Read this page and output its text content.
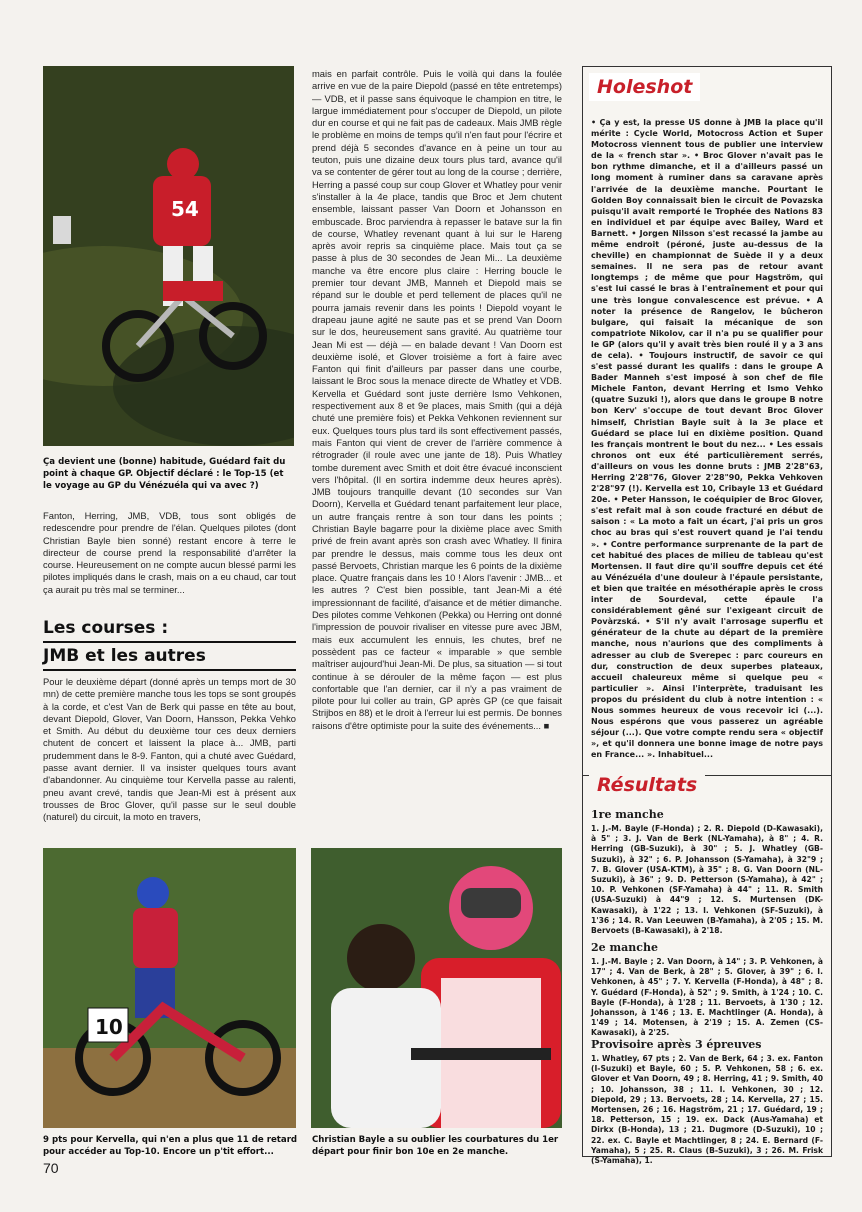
54
Ça devient une (bonne) habitude, Guédard fait du point à chaque GP. Objectif déclaré : le Top-15 (et le voyage au GP du Vénézuéla qui va avec ?)
Fanton, Herring, JMB, VDB, tous sont obligés de redescendre pour prendre de l'élan. Quelques pilotes (dont Christian Bayle bien sonné) restant encore à terre le directeur de course prend la responsabilité d'arrêter la course. Heureusement on ne compte aucun blessé parmi les pilotes impliqués dans le crash, mais on a eu chaud, car tout ça aurait pu très mal se terminer...
Les courses :
JMB et les autres
Pour le deuxième départ (donné après un temps mort de 30 mn) de cette première manche tous les tops se sont groupés à la corde, et c'est Van de Berk qui passe en tête au bout, devant Diepold, Glover, Van Doorn, Hansson, Pekka Vehko et Smith. Au début du deuxième tour ces deux derniers chutent de concert et laissent la place à... JMB, parti prudemment dans le 8-9. Fanton, qui a chuté avec Guédard, passe avant dernier. Il va insister quelques tours avant d'abandonner. Au cinquième tour Kervella passe au ralenti, pneu avant crevé, tandis que Jean-Mi est à présent aux trousses de Broc Glover, qu'il passe sur le seul double (naturel) du circuit, la moto en travers,
mais en parfait contrôle. Puis le voilà qui dans la foulée arrive en vue de la paire Diepold (passé en tête entretemps) — VDB, et il passe sans équivoque le champion en titre, le largue immédiatement pour s'occuper de Diepold, un pilote dur en course et qui ne fait pas de cadeaux. Mais JMB règle le problème en moins de temps qu'il n'en faut pour l'écrire et prend déjà 5 secondes d'avance en à peine un tour au teuton, puis une dizaine deux tours plus tard, avance qu'il va se contenter de gérer tout au long de la course ; derrière, Herring a passé coup sur coup Glover et Whatley pour venir s'installer à la 4e place, tandis que Broc et Jem chutent ensemble, laissant passer Van Doorn et Johansson en embuscade. Broc parviendra à repasser le batave sur la fin de course, Whatley revenant quant à lui sur le Hareng après avoir repris sa cinquième place. Mais tout ça se passe à plus de 30 secondes de Jean Mi... La deuxième manche va être encore plus claire : Herring boucle le premier tour devant JMB, Manneh et Diepold mais se répand sur le double et perd tellement de places qu'il ne pourra jamais revenir dans les points ! Diepold voyant le drapeau jaune agité ne saute pas et se prend Van Doorn sur le dos, heureusement sans gravité. Au quatrième tour Jean Mi est — déjà — en balade devant ! Van Doorn est deuxième isolé, et Glover troisième a fort à faire avec Fanton qui finit d'ailleurs par passer dans une courbe, laissant le Broc sous la menace directe de Whatley et VDB. Kervella et Guédard sont juste derrière Ismo Vehkonen, respectivement aux 8 et 9e places, mais Smith (qui a déjà chuté une première fois) et Pekka Vehkonen reviennent sur eux. Quelques tours plus tard ils sont effectivement passés, mais Fanton qui vient de crever de l'arrière commence à rétrograder (il roule avec une jante de 18). Puis Whatley tombe durement avec Smith et doit être évacué inconscient vers l'hôpital. (Il en sortira indemme deux heures après). JMB toujours tranquille devant (10 secondes sur Van Doorn), Kervella et Guédard tenant parfaitement leur place, un autre français rentre à son tour dans les points ; Christian Bayle bagarre pour la dixième place avec Smith privé de frein avant après son crash avec Whatley. Il finira par prendre le dessus, mais comme tous les deux ont passé Bervoets, Christian marque les 6 points de la dixième place. Quatre français dans les 10 ! Alors l'avenir : JMB... et les autres ? C'est bien possible, tant Jean-Mi a été impressionnant de facilité, d'aisance et de métier dimanche. Des pilotes comme Vehkonen (Pekka) ou Herring ont donné l'impression de pouvoir rivaliser en vitesse pure avec JBM, mais eux accumulent les ennuis, les chutes, bref ne possèdent pas ce facteur « imparable » que semble maîtriser aujourd'hui Jean-Mi. De plus, sa situation — si tout continue à se dérouler de la même façon — est plus confortable que l'an dernier, car il n'y a pas vraiment de pilote pour lui coller au train, GP après GP (ce que faisait Strijbos en 88) et le droit à l'erreur lui est permis. De bonnes raisons d'être optimiste pour la suite des événements... ■
10
9 pts pour Kervella, qui n'en a plus que 11 de retard pour accéder au Top-10. Encore un p'tit effort...
Christian Bayle a su oublier les courbatures du 1er départ pour finir bon 10e en 2e manche.
Holeshot
• Ça y est, la presse US donne à JMB la place qu'il mérite : Cycle World, Motocross Action et Super Motocross viennent tous de publier une interview de la « french star ». • Broc Glover n'avait pas le bon rythme dimanche, et il a d'ailleurs passé un long moment à ruminer dans sa caravane après l'arrivée de la deuxième manche. Pourtant le Golden Boy connaissait bien le circuit de Povazska puisqu'il avait remporté le Trophée des Nations 83 en individuel et par équipe avec Bailey, Ward et Barnett. • Jorgen Nilsson s'est recassé la jambe au même endroit (péroné, juste au-dessus de la cheville) en championnat de Suède il y a deux semaines. Il ne sera pas de retour avant longtemps ; de même que pour Hagström, qui s'est lui cassé le bras à l'entraînement et pour qui une très longue convalescence est prévue. • A noter la présence de Rangelov, le bûcheron bulgare, qui faisait la mécanique de son compatriote Nikolov, car il n'a pu se qualifier pour le GP (alors qu'il y avait très bien roulé il y a 3 ans de cela). • Toujours instructif, de savoir ce qui s'est passé durant les qualifs : dans le groupe A Bader Manneh s'est imposé à son chef de file Michele Fanton, devant Herring et Ismo Vehko (quatre Suzuki !), alors que dans le groupe B notre bon Kerv' s'occupe de tout devant Broc Glover himself, Christian Bayle suit à la 3e place et Guédard se place lui en dixième position. Quand les français montrent le bout du nez... • Les essais chronos ont eux été particulièrement serrés, d'ailleurs on vous les donne bruts : JMB 2'28"63, Herring 2'28"76, Glover 2'28"90, Pekka Vehkoven 2'28"97 (!). Kervella est 10, Cribayle 13 et Guédard 20e. • Peter Hansson, le coéquipier de Broc Glover, s'est refait mal à son coude fracturé en début de saison : « La moto a fait un écart, j'ai pris un gros choc au bras qui s'est rouvert quand je l'ai tendu ». • Contre performance surprenante de la part de cet habitué des places de milieu de tableau qu'est Mortensen. Il faut dire qu'il souffre depuis cet été au Vénézuéla d'une douleur à l'épaule persistante, et bien que traitée en mésothérapie après le cross inter de Sourdeval, cette épaule l'a considérablement gêné sur l'exigeant circuit de Povàrzská. • S'il n'y avait l'arrosage superflu et générateur de la chute au départ de la première manche, nous n'aurions que des compliments à adresser au club de Sverepec : parc coureurs en dur, construction de deux superbes plateaux, accueil chaleureux même si quelque peu « particulier ». Ainsi l'interprète, traduisant les propos du président du club à notre intention : « Nous sommes heureux de vous recevoir ici (...). Nous espérons que vous passerez un agréable séjour (...). Que votre compte rendu sera « objectif », et qu'il donnera une bonne image de notre pays en France... ». Inhabituel...
Résultats
1re manche
1. J.-M. Bayle (F-Honda) ; 2. R. Diepold (D-Kawasaki), à 5" ; 3. J. Van de Berk (NL-Yamaha), à 8" ; 4. R. Herring (GB-Suzuki), à 30" ; 5. J. Whatley (GB-Suzuki), à 32" ; 6. P. Johansson (S-Yamaha), à 32"9 ; 7. B. Glover (USA-KTM), à 35" ; 8. G. Van Doorn (NL-Suzuki), à 36" ; 9. D. Petterson (S-Yamaha), à 42" ; 10. P. Vehkonen (SF-Yamaha) à 44" ; 11. R. Smith (USA-Suzuki) à 44"9 ; 12. S. Murtensen (DK-Kawasaki), à 1'22 ; 13. I. Vehkonen (SF-Suzuki), à 1'36 ; 14. R. Van Leeuwen (B-Yamaha), à 2'05 ; 15. M. Bervoets (B-Kawasaki), à 2'18.
2e manche
1. J.-M. Bayle ; 2. Van Doorn, à 14" ; 3. P. Vehkonen, à 17" ; 4. Van de Berk, à 28" ; 5. Glover, à 39" ; 6. I. Vehkonen, à 45" ; 7. Y. Kervella (F-Honda), à 48" ; 8. Y. Guédard (F-Honda), à 52" ; 9. Smith, à 1'24 ; 10. C. Bayle (F-Honda), à 1'28 ; 11. Bervoets, à 1'30 ; 12. Johansson, à 1'46 ; 13. E. Machtlinger (A. Honda), à 1'49 ; 14. Motensen, à 2'19 ; 15. A. Zemen (CS-Kawasaki), à 2'25.
Provisoire après 3 épreuves
1. Whatley, 67 pts ; 2. Van de Berk, 64 ; 3. ex. Fanton (I-Suzuki) et Bayle, 60 ; 5. P. Vehkonen, 58 ; 6. ex. Glover et Van Doorn, 49 ; 8. Herring, 41 ; 9. Smith, 40 ; 10. Johansson, 38 ; 11. I. Vehkonen, 30 ; 12. Diepold, 29 ; 13. Bervoets, 28 ; 14. Kervella, 27 ; 15. Mortensen, 26 ; 16. Hagström, 21 ; 17. Guédard, 19 ; 18. Petterson, 15 ; 19. ex. Dack (Aus-Yamaha) et Dirkx (B-Honda), 13 ; 21. Dugmore (D-Suzuki), 10 ; 22. ex. C. Bayle et Machtlinger, 8 ; 24. E. Bernard (F-Yamaha), 5 ; 25. R. Claus (B-Suzuki), 3 ; 26. M. Frisk (S-Yamaha), 1.
70
